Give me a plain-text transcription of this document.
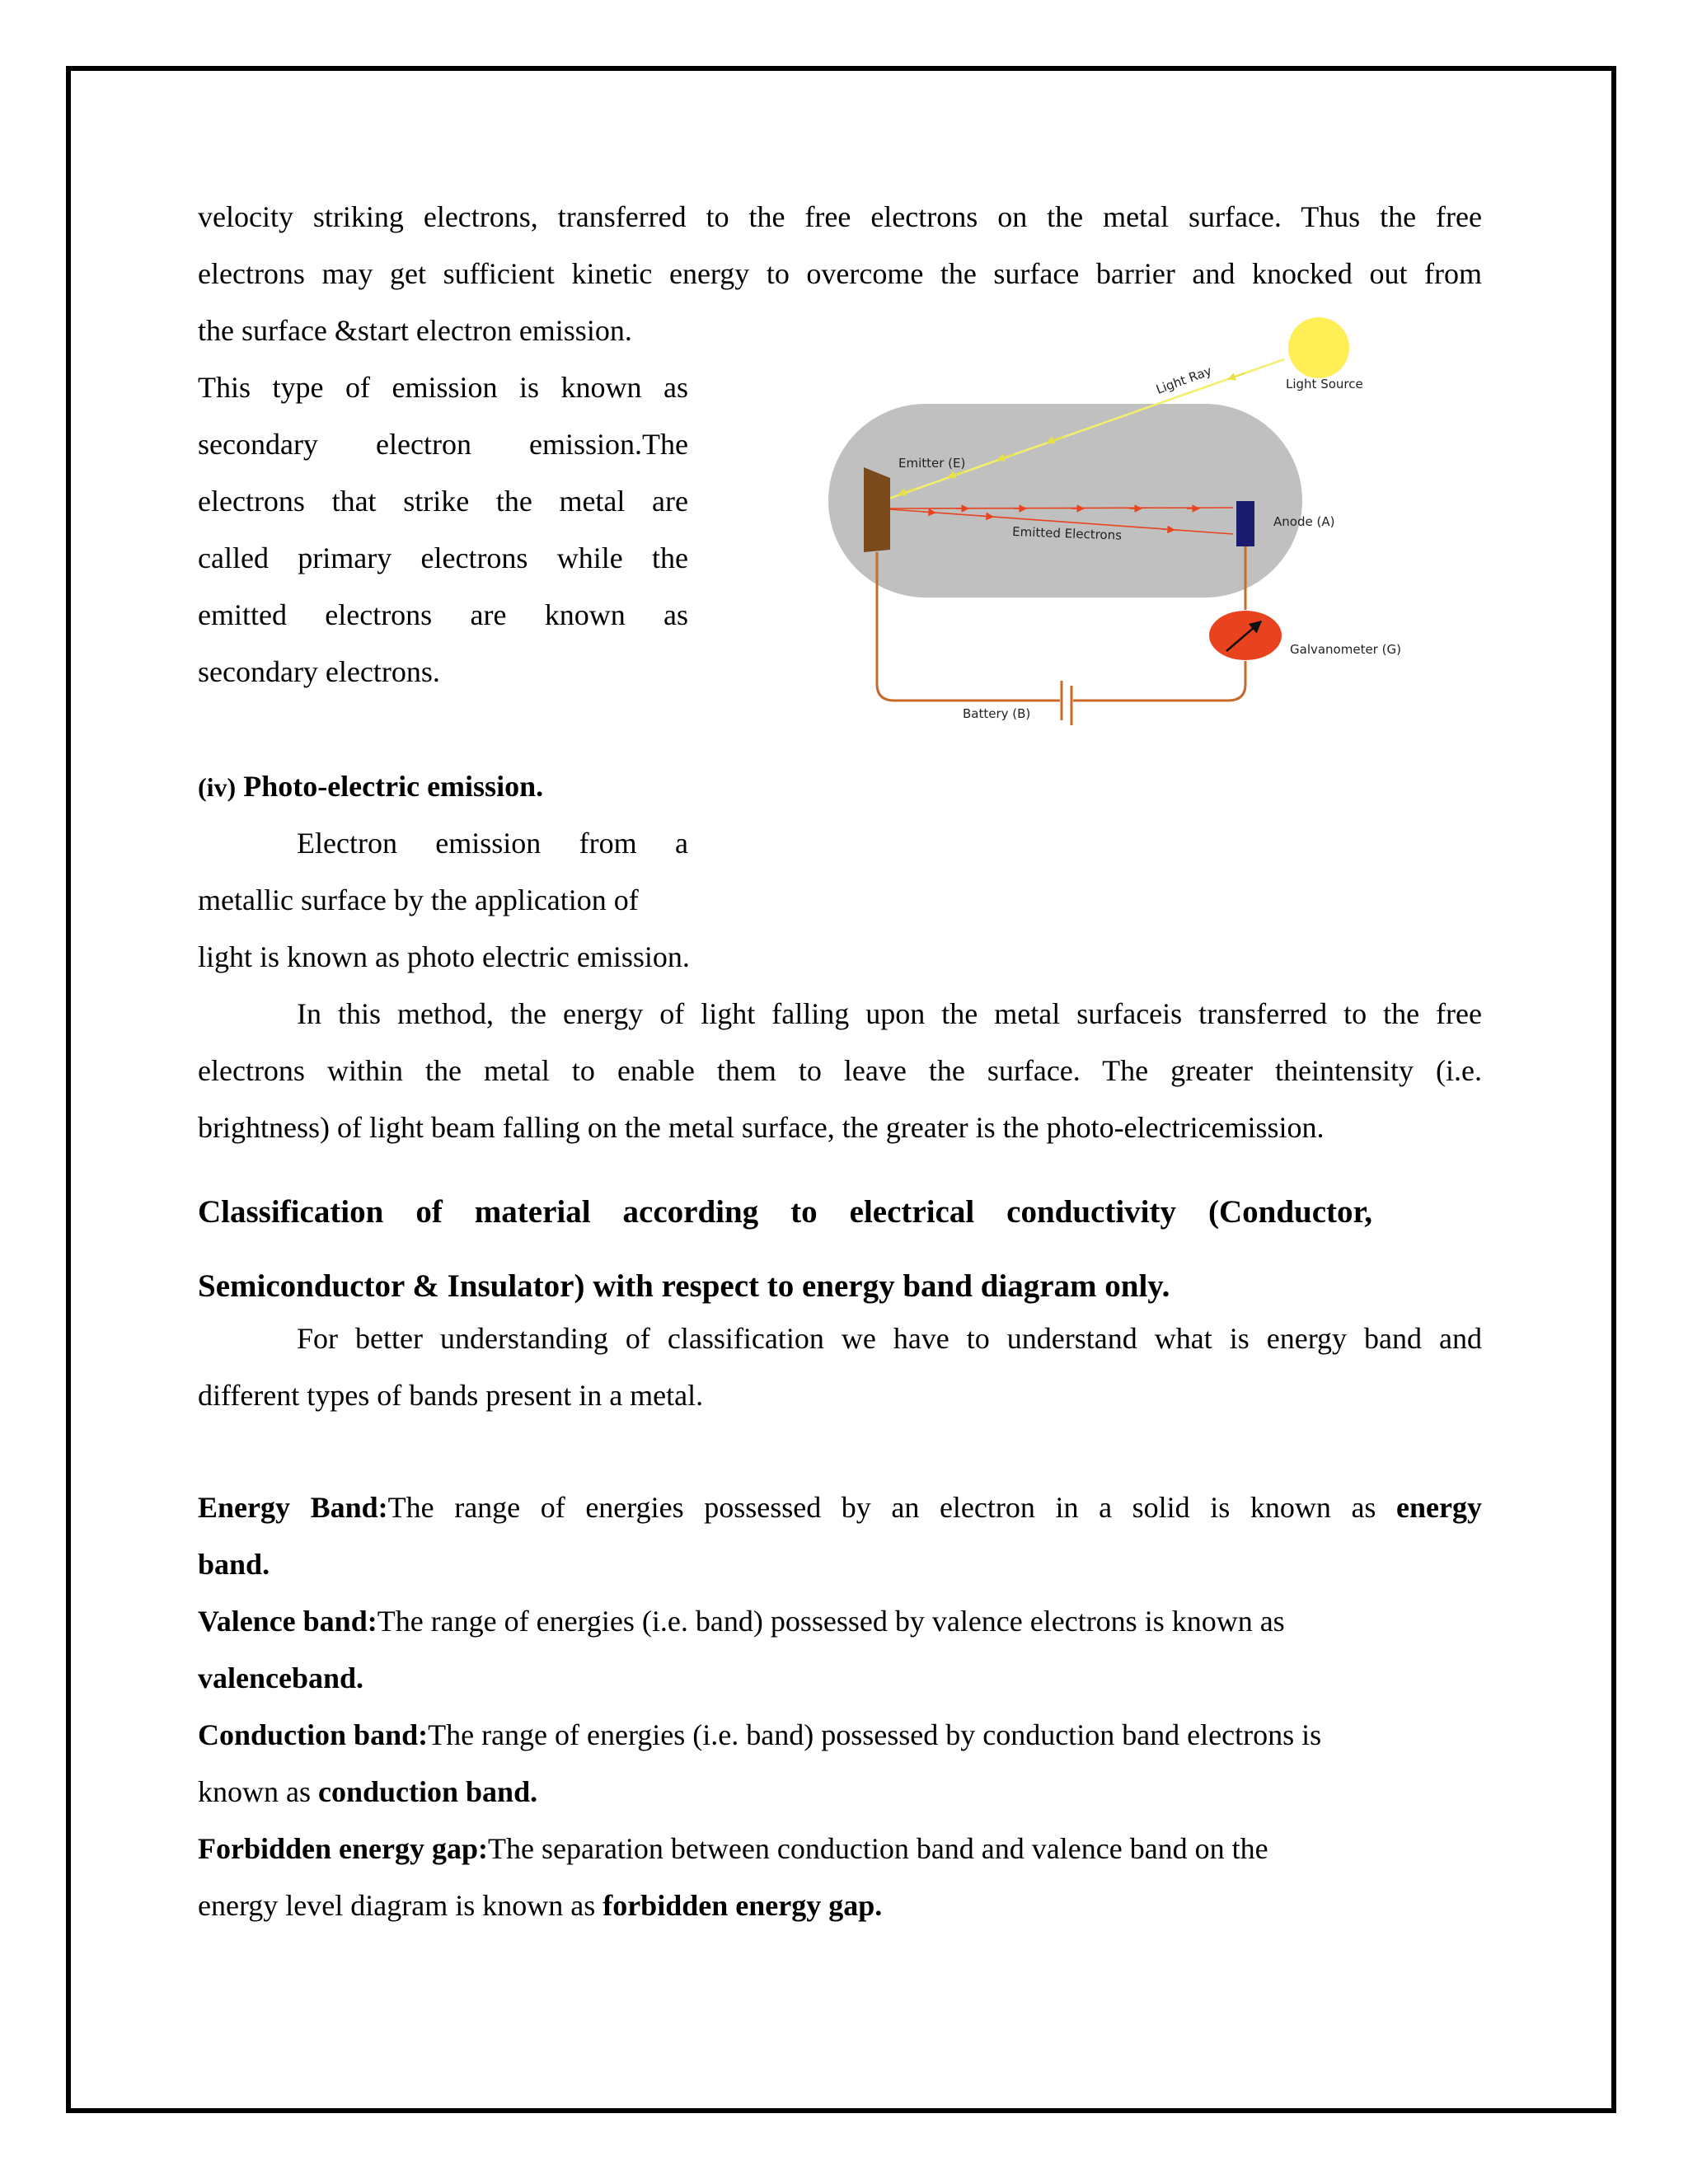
velocity striking electrons, transferred to the free electrons on the metal surface. Thus the free

electrons may get sufficient kinetic energy to overcome the surface barrier and knocked out from

the surface &start electron emission.

This type of emission is known as

secondary electron emission.The

electrons that strike the metal are

called primary electrons while the

emitted electrons are known as

secondary electrons.

Light Ray	Light Source
Emitter (E)
Emitted Electrons
Anode (A)
Galvanometer (G)
Battery (B)

(iv) Photo-electric emission.

Electron emission from a

metallic surface by the application of

light is known as photo electric emission.

In this method, the energy of light falling upon the metal surfaceis transferred to the free

electrons within the metal to enable them to leave the surface. The greater theintensity (i.e.

brightness) of light beam falling on the metal surface, the greater is the photo-electricemission.

Classification of material according to electrical conductivity (Conductor,

Semiconductor & Insulator) with respect to energy band diagram only.

For better understanding of classification we have to understand what is energy band and

different types of bands present in a metal.

Energy Band:The range of energies possessed by an electron in a solid is known as energy

band.

Valence band:The range of energies (i.e. band) possessed by valence electrons is known as

valenceband.

Conduction band:The range of energies (i.e. band) possessed by conduction band electrons is

known as conduction band.

Forbidden energy gap:The separation between conduction band and valence band on the

energy level diagram is known as forbidden energy gap.
